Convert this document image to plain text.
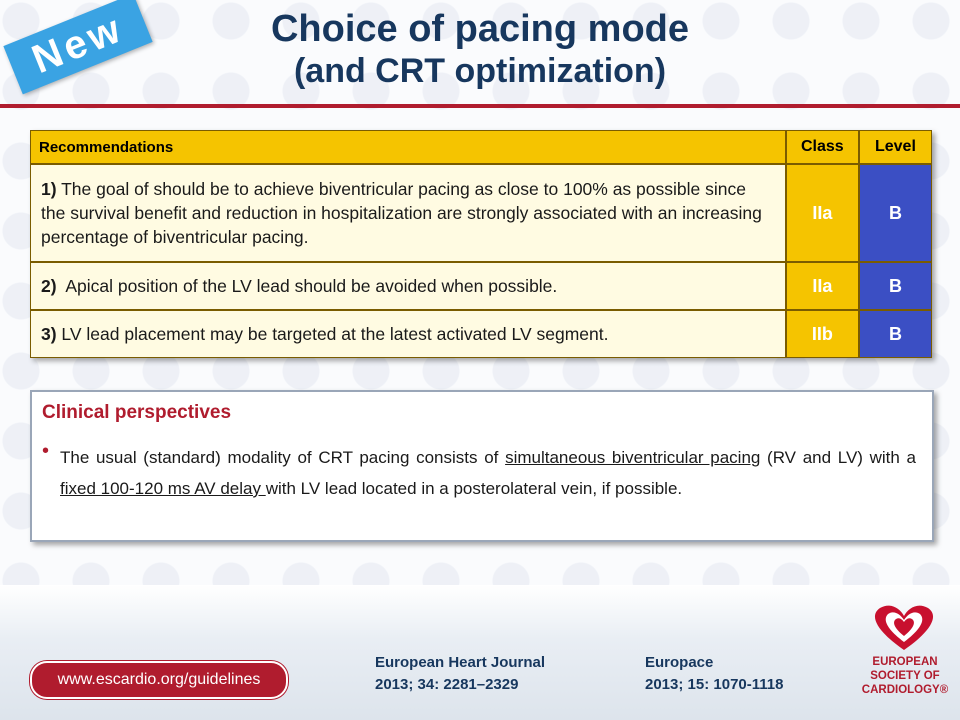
New	Choice of pacing mode
(and CRT optimization)
Recommendations	Class	Level
1) The goal of should be to achieve biventricular pacing as close to 100% as possible since the survival benefit and reduction in hospitalization are strongly associated with an increasing percentage of biventricular pacing.	IIa	B
2)  Apical position of the LV lead should be avoided when possible.	IIa	B
3) LV lead placement may be targeted at the latest activated LV segment.	IIb	B
Clinical perspectives
• The usual (standard) modality of CRT pacing consists of simultaneous biventricular pacing (RV and LV) with a fixed 100-120 ms AV delay with LV lead located in a posterolateral vein, if possible.
www.escardio.org/guidelines
European Heart Journal
2013; 34: 2281–2329
Europace
2013; 15: 1070-1118
EUROPEAN
SOCIETY OF
CARDIOLOGY®
